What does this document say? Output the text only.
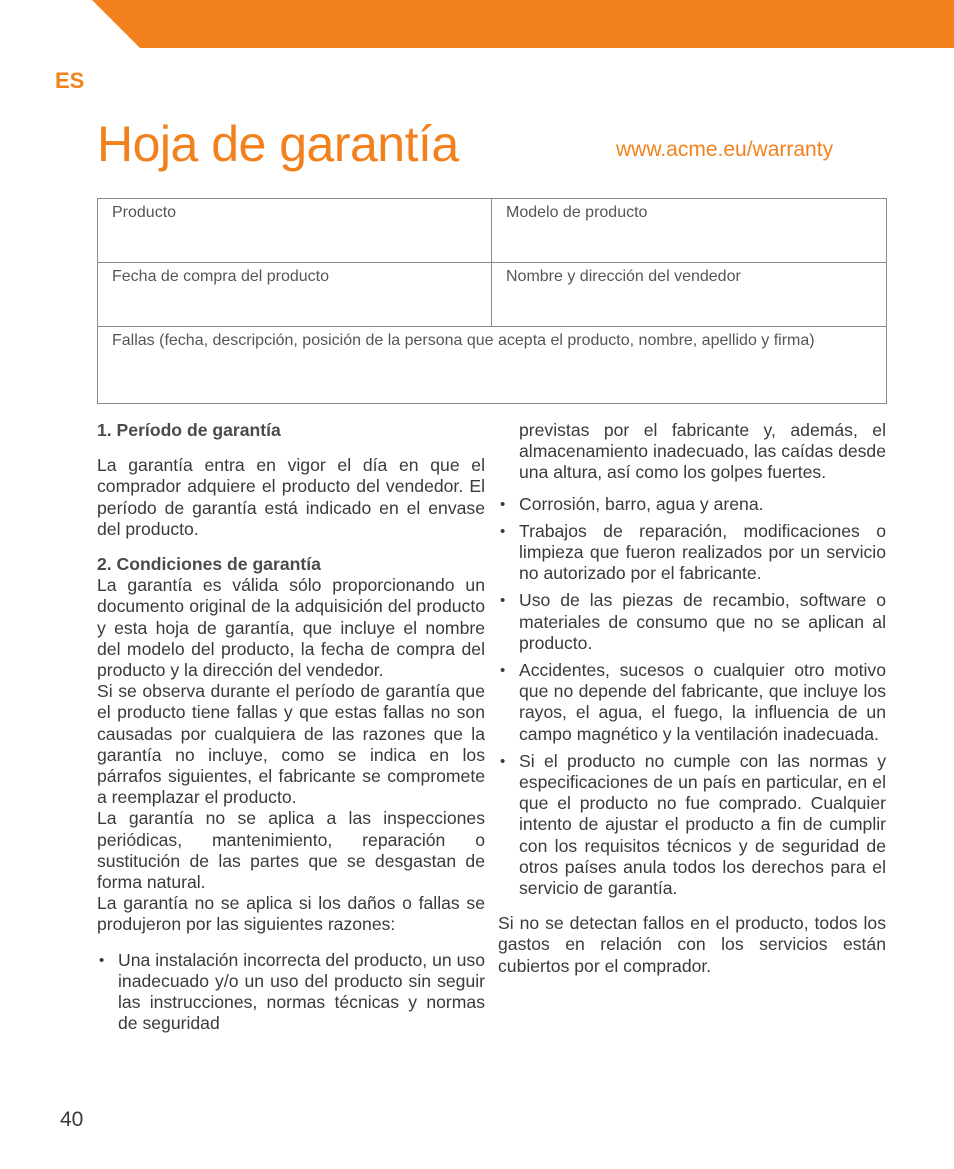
ES
Hoja de garantía	www.acme.eu/warranty
Producto	Modelo de producto
Fecha de compra del producto	Nombre y dirección del vendedor
Fallas (fecha, descripción, posición de la persona que acepta el producto, nombre, apellido y firma)	

1. Período de garantía

La garantía entra en vigor el día en que el comprador adquiere el producto del vendedor. El período de garantía está indicado en el envase del producto.

2. Condiciones de garantía

La garantía es válida sólo proporcionando un documento original de la adquisición del producto y esta hoja de garantía, que incluye el nombre del modelo del producto, la fecha de compra del producto y la dirección del vendedor.

Si se observa durante el período de garantía que el producto tiene fallas y que estas fallas no son causadas por cualquiera de las razones que la garantía no incluye, como se indica en los párrafos siguientes, el fabricante se compromete a reemplazar el producto.

La garantía no se aplica a las inspecciones periódicas, mantenimiento, reparación o sustitución de las partes que se desgastan de forma natural.

La garantía no se aplica si los daños o fallas se produjeron por las siguientes razones:

• Una instalación incorrecta del producto, un uso inadecuado y/o un uso del producto sin seguir las instrucciones, normas técnicas y normas de seguridad

previstas por el fabricante y, además, el almacenamiento inadecuado, las caídas desde una altura, así como los golpes fuertes.

• Corrosión, barro, agua y arena.
• Trabajos de reparación, modificaciones o limpieza que fueron realizados por un servicio no autorizado por el fabricante.
• Uso de las piezas de recambio, software o materiales de consumo que no se aplican al producto.
• Accidentes, sucesos o cualquier otro motivo que no depende del fabricante, que incluye los rayos, el agua, el fuego, la influencia de un campo magnético y la ventilación inadecuada.
• Si el producto no cumple con las normas y especificaciones de un país en particular, en el que el producto no fue comprado. Cualquier intento de ajustar el producto a fin de cumplir con los requisitos técnicos y de seguridad de otros países anula todos los derechos para el servicio de garantía.

Si no se detectan fallos en el producto, todos los gastos en relación con los servicios están cubiertos por el comprador.

40
